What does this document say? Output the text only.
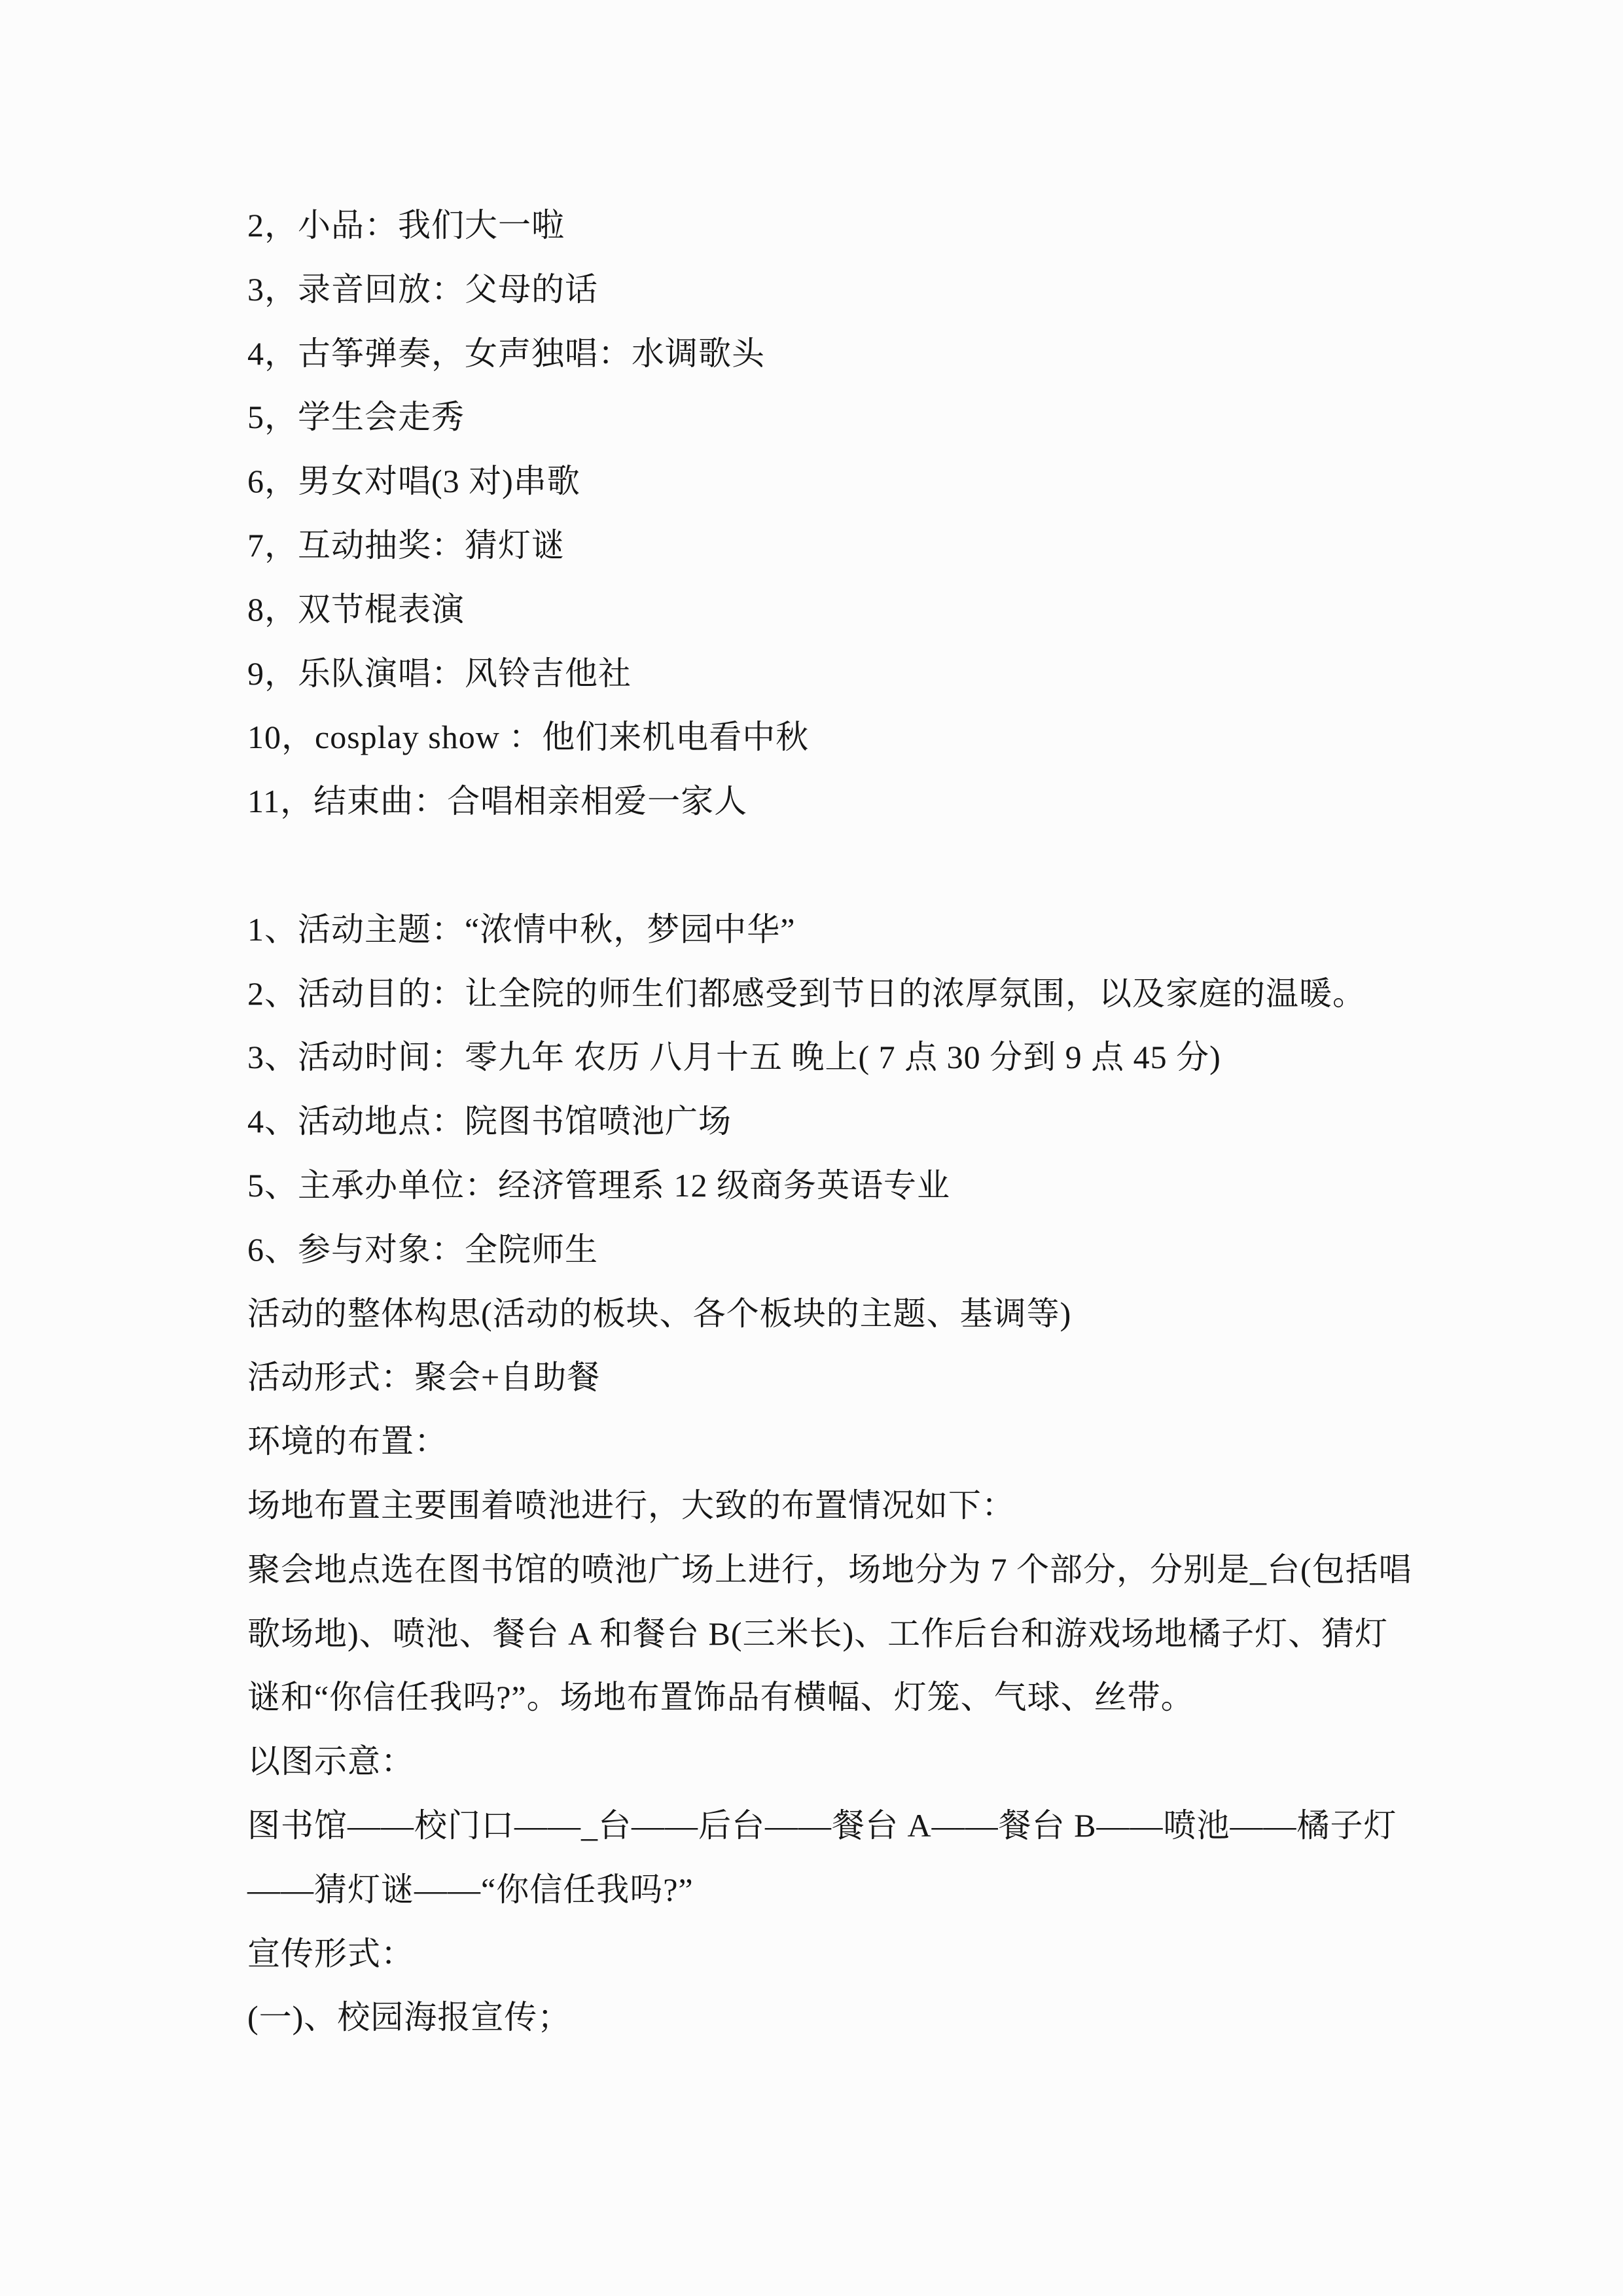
2，小品：我们大一啦
3，录音回放：父母的话
4，古筝弹奏，女声独唱：水调歌头
5，学生会走秀
6，男女对唱(3 对)串歌
7，互动抽奖：猜灯谜
8，双节棍表演
9，乐队演唱：风铃吉他社
10，cosplay show ：他们来机电看中秋
11，结束曲：合唱相亲相爱一家人
1、活动主题：“浓情中秋，梦园中华”
2、活动目的：让全院的师生们都感受到节日的浓厚氛围，以及家庭的温暖。
3、活动时间：零九年 农历 八月十五 晚上( 7 点 30 分到 9 点 45 分)
4、活动地点：院图书馆喷池广场
5、主承办单位：经济管理系 12 级商务英语专业
6、参与对象：全院师生
活动的整体构思(活动的板块、各个板块的主题、基调等)
活动形式：聚会+自助餐
环境的布置：
场地布置主要围着喷池进行，大致的布置情况如下：
聚会地点选在图书馆的喷池广场上进行，场地分为 7 个部分，分别是_台(包括唱
歌场地)、喷池、餐台 A 和餐台 B(三米长)、工作后台和游戏场地橘子灯、猜灯
谜和“你信任我吗?”。场地布置饰品有横幅、灯笼、气球、丝带。
以图示意：
图书馆——校门口——_台——后台——餐台 A——餐台 B——喷池——橘子灯
——猜灯谜——“你信任我吗?”
宣传形式：
(一)、校园海报宣传；
